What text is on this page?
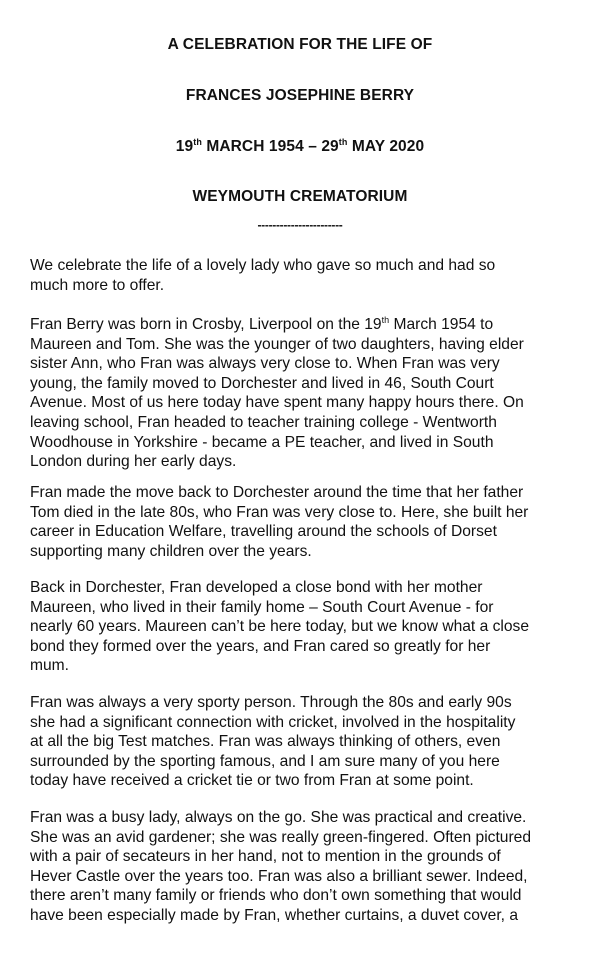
A CELEBRATION FOR THE LIFE OF

FRANCES JOSEPHINE BERRY

19th MARCH 1954 – 29th MAY 2020

WEYMOUTH CREMATORIUM

-----------------------

We celebrate the life of a lovely lady who gave so much and had so
much more to offer.
Fran Berry was born in Crosby, Liverpool on the 19th March 1954 to
Maureen and Tom. She was the younger of two daughters, having elder
sister Ann, who Fran was always very close to. When Fran was very
young, the family moved to Dorchester and lived in 46, South Court
Avenue. Most of us here today have spent many happy hours there. On
leaving school, Fran headed to teacher training college - Wentworth
Woodhouse in Yorkshire - became a PE teacher, and lived in South
London during her early days.
Fran made the move back to Dorchester around the time that her father
Tom died in the late 80s, who Fran was very close to. Here, she built her
career in Education Welfare, travelling around the schools of Dorset
supporting many children over the years.
Back in Dorchester, Fran developed a close bond with her mother
Maureen, who lived in their family home – South Court Avenue - for
nearly 60 years. Maureen can’t be here today, but we know what a close
bond they formed over the years, and Fran cared so greatly for her
mum.
Fran was always a very sporty person. Through the 80s and early 90s
she had a significant connection with cricket, involved in the hospitality
at all the big Test matches. Fran was always thinking of others, even
surrounded by the sporting famous, and I am sure many of you here
today have received a cricket tie or two from Fran at some point.
Fran was a busy lady, always on the go. She was practical and creative.
She was an avid gardener; she was really green-fingered. Often pictured
with a pair of secateurs in her hand, not to mention in the grounds of
Hever Castle over the years too. Fran was also a brilliant sewer. Indeed,
there aren’t many family or friends who don’t own something that would
have been especially made by Fran, whether curtains, a duvet cover, a
